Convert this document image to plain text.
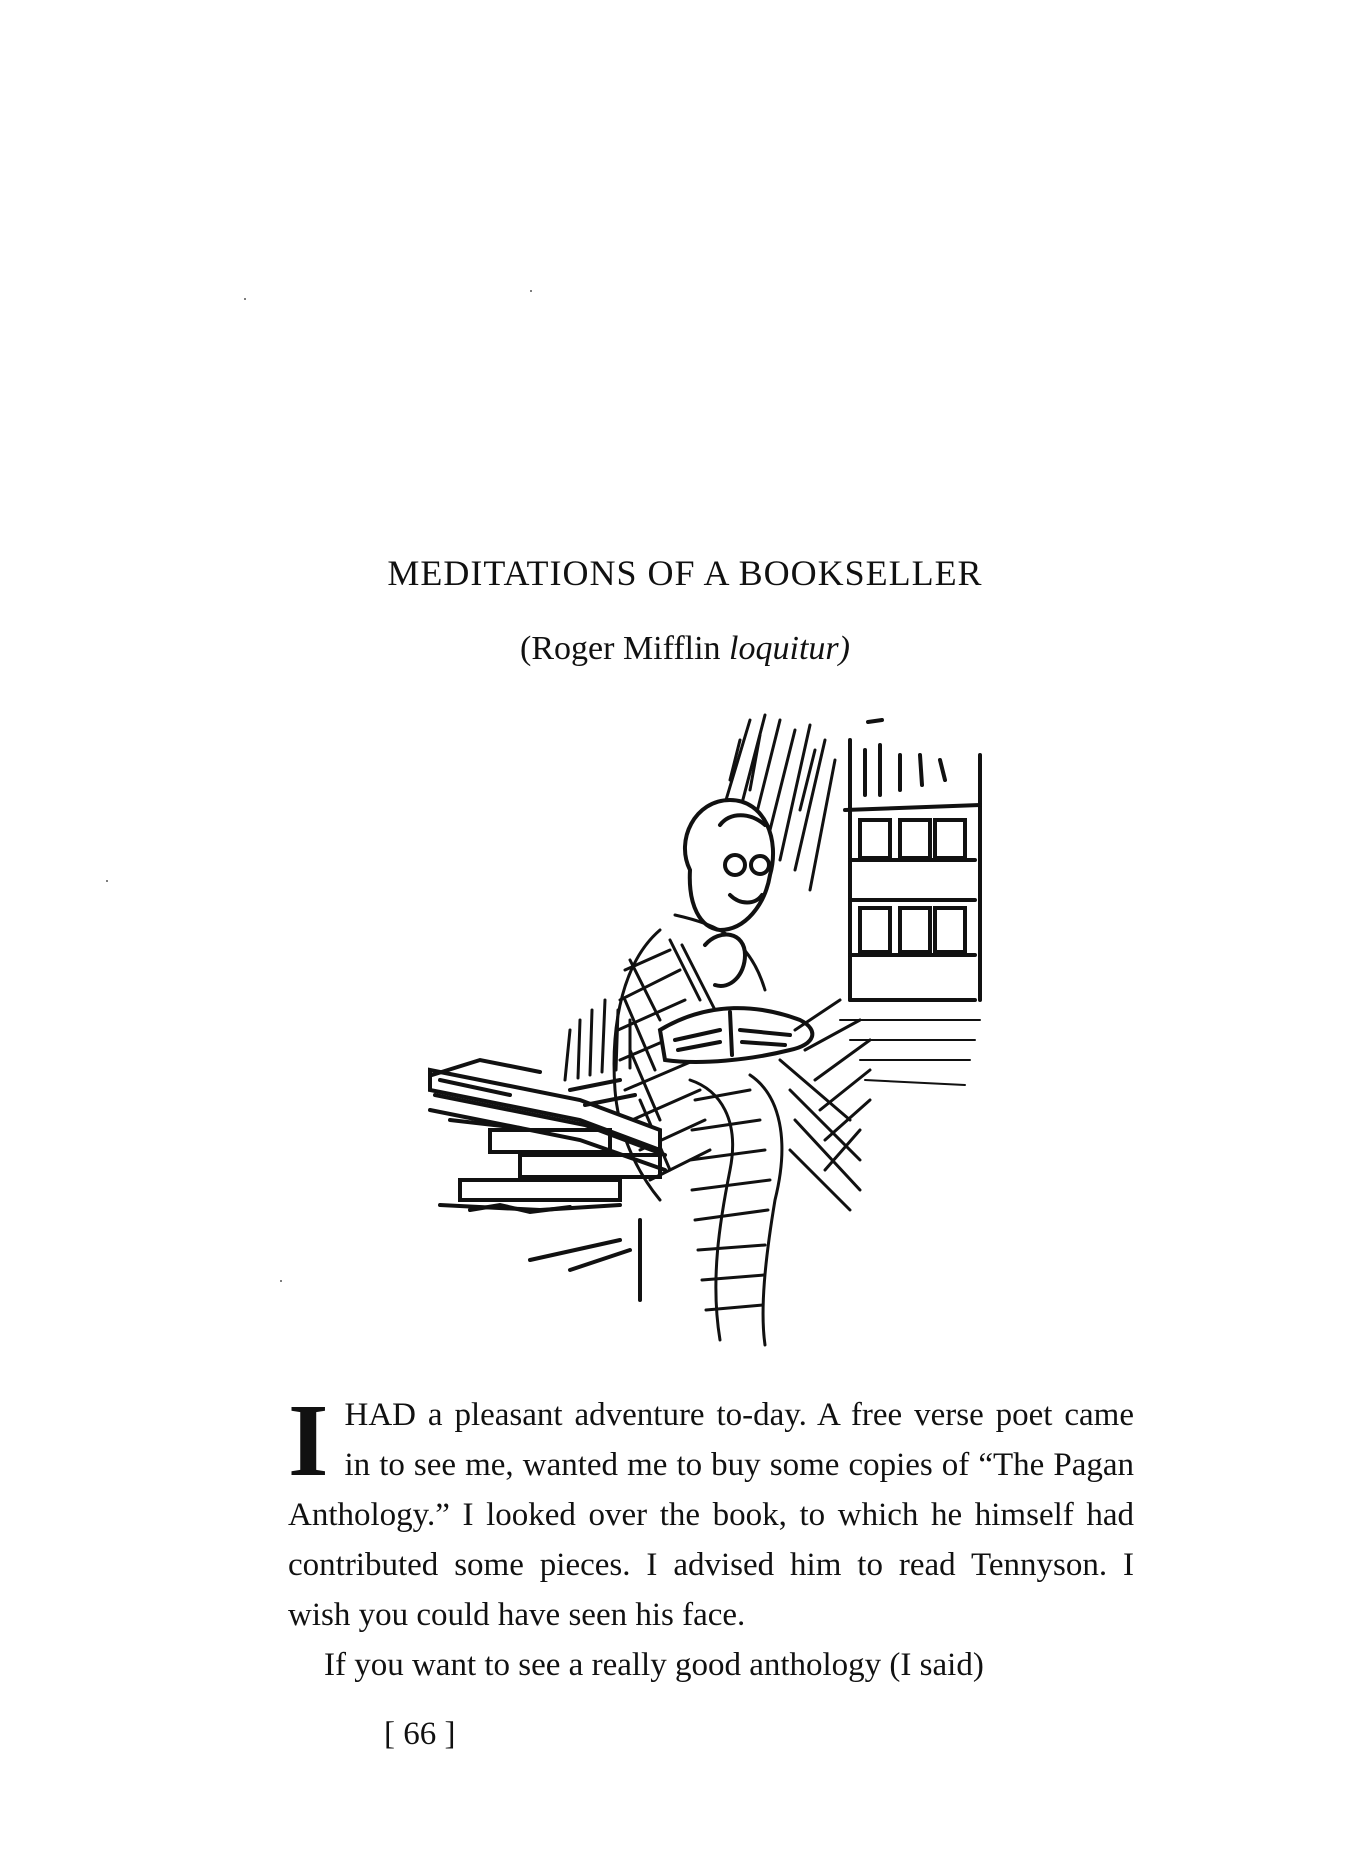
MEDITATIONS OF A BOOKSELLER

(Roger Mifflin loquitur)

IHAD a pleasant adventure to-day. A free verse poet came in to see me, wanted me to buy some copies of “The Pagan Anthology.” I looked over the book, to which he himself had contributed some pieces. I advised him to read Tennyson. I wish you could have seen his face.

If you want to see a really good anthology (I said)

[ 66 ]
